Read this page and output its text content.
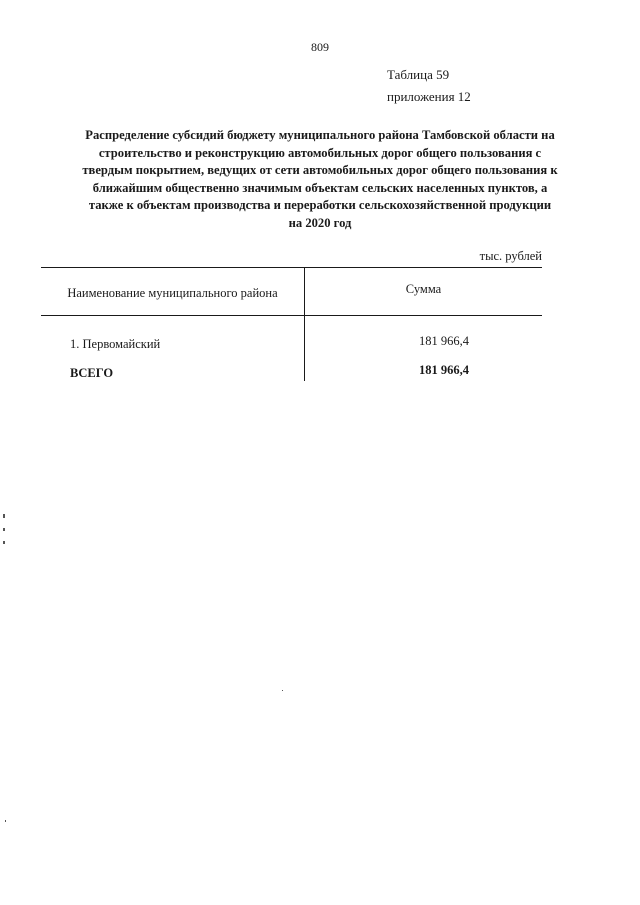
809
Таблица 59
приложения 12
Распределение субсидий бюджету муниципального района Тамбовской области на
строительство и реконструкцию автомобильных дорог общего пользования с
твердым покрытием, ведущих от сети автомобильных дорог общего пользования к
ближайшим общественно значимым объектам сельских населенных пунктов, а
также к объектам производства и переработки сельскохозяйственной продукции
на 2020 год
тыс. рублей
Наименование муниципального района	Сумма
1. Первомайский	181 966,4
ВСЕГО	181 966,4
